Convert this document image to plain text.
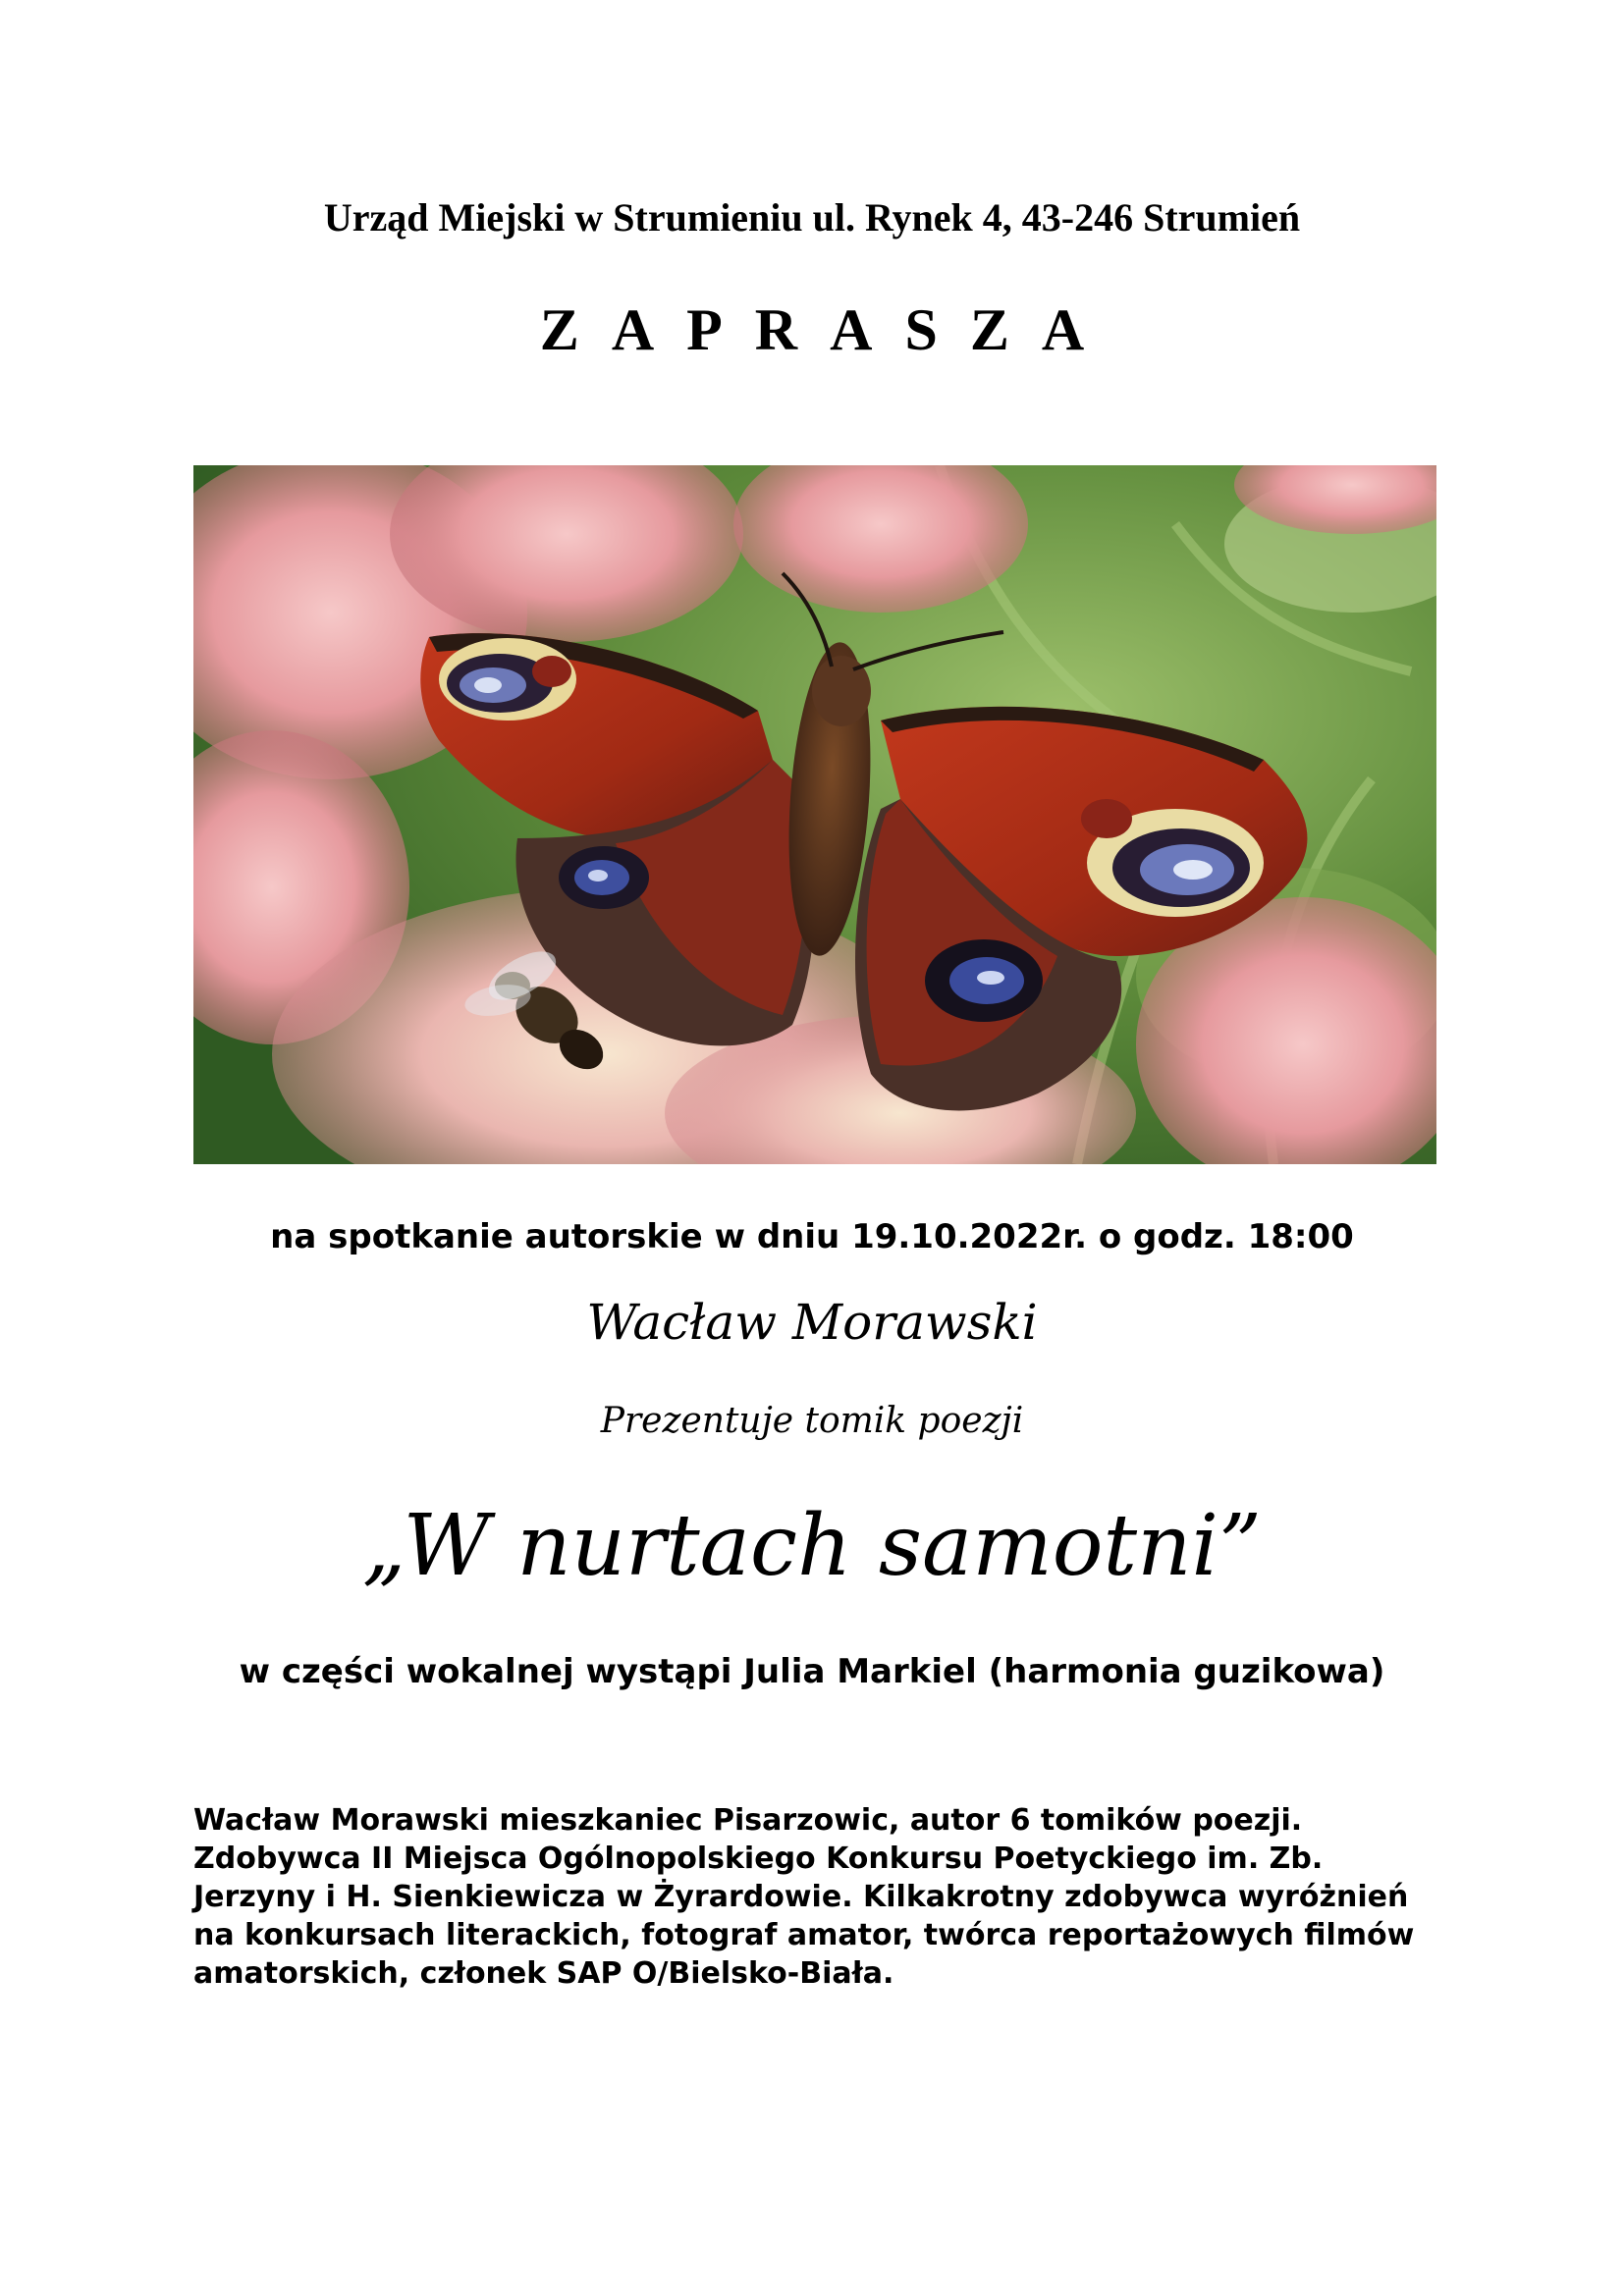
Urząd Miejski w Strumieniu ul. Rynek 4, 43-246 Strumień
ZAPRASZA
na spotkanie autorskie w dniu 19.10.2022r. o godz. 18:00
Wacław Morawski
Prezentuje tomik poezji
„W nurtach samotni”
w części wokalnej wystąpi Julia Markiel (harmonia guzikowa)
Wacław Morawski mieszkaniec Pisarzowic, autor 6 tomików poezji. Zdobywca II Miejsca Ogólnopolskiego Konkursu Poetyckiego im. Zb. Jerzyny i H. Sienkiewicza w Żyrardowie. Kilkakrotny zdobywca wyróżnień na konkursach literackich, fotograf amator, twórca reportażowych filmów amatorskich, członek SAP O/Bielsko-Biała.
